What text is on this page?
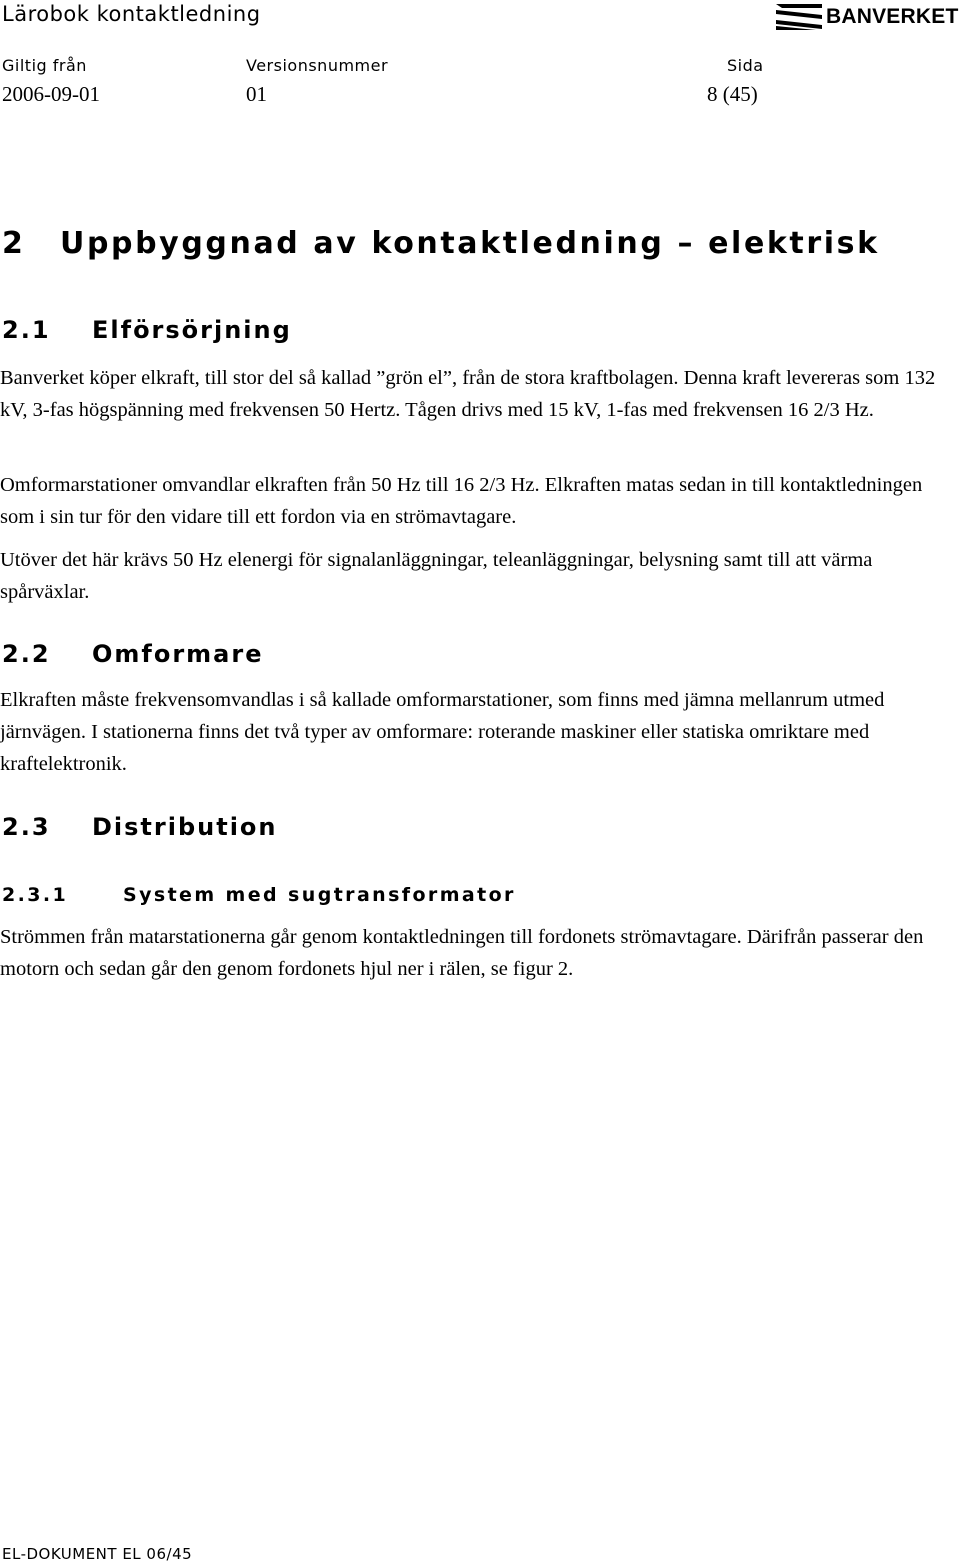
Lärobok kontaktledning	BANVERKET
Giltig från	Versionsnummer	Sida
2006-09-01	01	8 (45)
2 Uppbyggnad av kontaktledning – elektrisk
2.1 Elförsörjning

Banverket köper elkraft, till stor del så kallad ”grön el”, från de stora kraftbolagen. Denna kraft levereras som 132 kV, 3-fas högspänning med frekvensen 50 Hertz. Tågen drivs med 15 kV, 1-fas med frekvensen 16 2/3 Hz.

Omformarstationer omvandlar elkraften från 50 Hz till 16 2/3 Hz. Elkraften matas sedan in till kontaktledningen som i sin tur för den vidare till ett fordon via en strömavtagare.

Utöver det här krävs 50 Hz elenergi för signalanläggningar, teleanläggningar, belysning samt till att värma spårväxlar.

2.2 Omformare

Elkraften måste frekvensomvandlas i så kallade omformarstationer, som finns med jämna mellanrum utmed järnvägen. I stationerna finns det två typer av omformare: roterande maskiner eller statiska omriktare med kraftelektronik.

2.3 Distribution
2.3.1	System med sugtransformator

Strömmen från matarstationerna går genom kontaktledningen till fordonets strömavtagare. Därifrån passerar den motorn och sedan går den genom fordonets hjul ner i rälen, se figur 2.

EL-DOKUMENT EL 06/45
